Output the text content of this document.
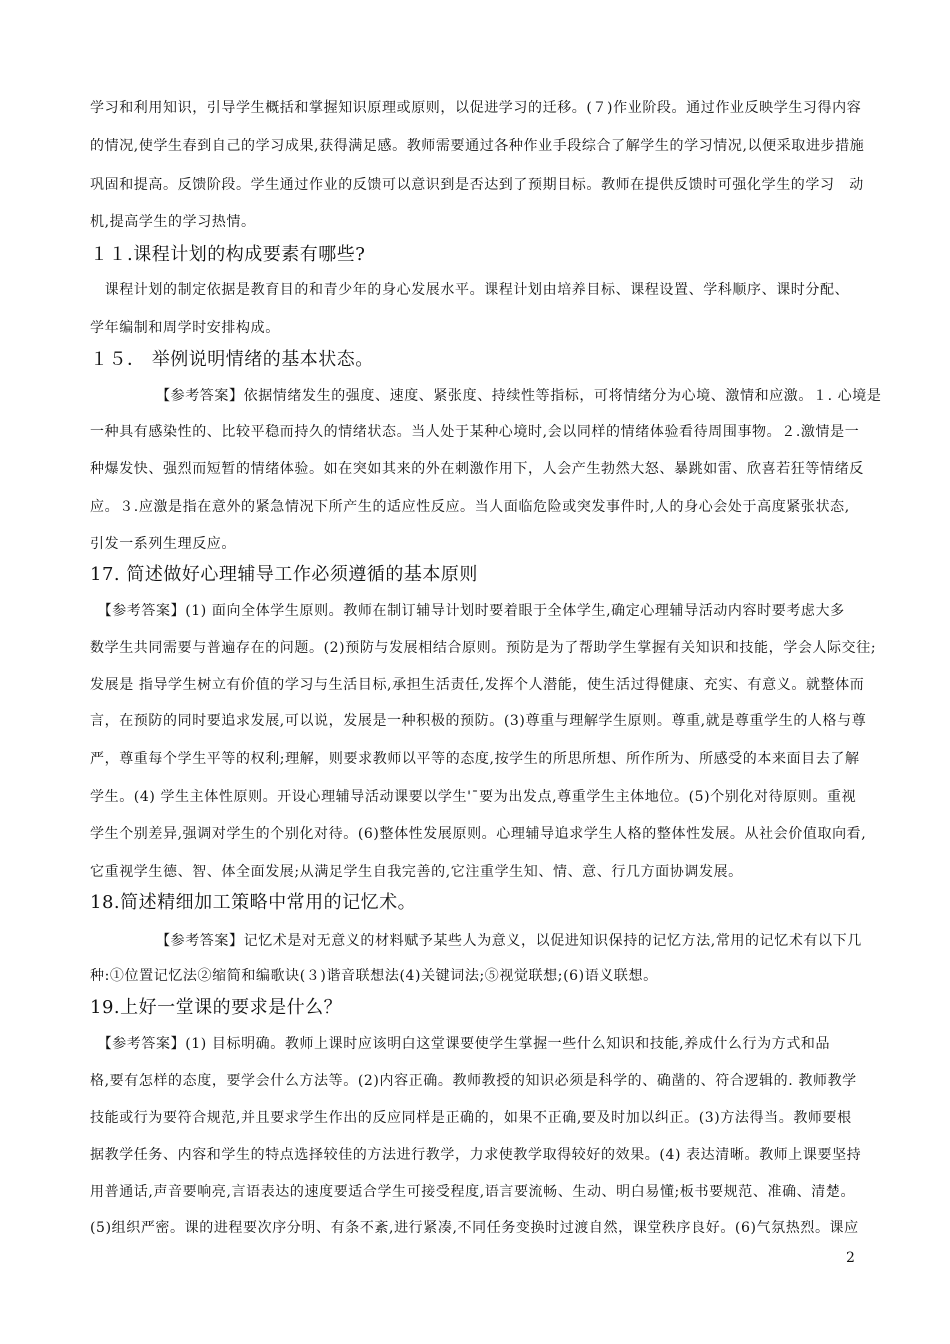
学习和利用知识，引导学生概括和掌握知识原理或原则，以促进学习的迁移。(７)作业阶段。通过作业反映学生习得内容
的情况,使学生春到自己的学习成果,获得满足感。教师需要通过各种作业手段综合了解学生的学习情况,以便采取进步措施
巩固和提高。反馈阶段。学生通过作业的反馈可以意识到是否达到了预期目标。教师在提供反馈时可强化学生的学习　动
机,提高学生的学习热情。
１１.课程计划的构成要素有哪些?
　课程计划的制定依据是教育目的和青少年的身心发展水平。课程计划由培养目标、课程设置、学科顺序、课时分配、
学年编制和周学时安排构成。
１５． 举例说明情绪的基本状态。
　　　　　【参考答案】依据情绪发生的强度、速度、紧张度、持续性等指标，可将情绪分为心境、激情和应激。１. 心境是
一种具有感染性的、比较平稳而持久的情绪状态。当人处于某种心境时,会以同样的情绪体验看待周围事物。２.激情是一
种爆发快、强烈而短暂的情绪体验。如在突如其来的外在刺激作用下，人会产生勃然大怒、暴跳如雷、欣喜若狂等情绪反
应。３.应激是指在意外的紧急情况下所产生的适应性反应。当人面临危险或突发事件时,人的身心会处于高度紧张状态,
引发一系列生理反应。
17. 简述做好心理辅导工作必须遵循的基本原则
　【参考答案】(1) 面向全体学生原则。教师在制订辅导计划时要着眼于全体学生,确定心理辅导活动内容时要考虑大多
数学生共同需要与普遍存在的问题。(2)预防与发展相结合原则。预防是为了帮助学生掌握有关知识和技能，学会人际交往;
发展是 指导学生树立有价值的学习与生活目标,承担生活责任,发挥个人潜能，使生活过得健康、充实、有意义。就整体而
言，在预防的同时要追求发展,可以说，发展是一种积极的预防。(3)尊重与理解学生原则。尊重,就是尊重学生的人格与尊
严，尊重每个学生平等的权利;理解，则要求教师以平等的态度,按学生的所思所想、所作所为、所感受的本来面目去了解
学生。(4) 学生主体性原则。开设心理辅导活动课要以学生'¯要为出发点,尊重学生主体地位。(5)个别化对待原则。重视
学生个别差异,强调对学生的个别化对待。(6)整体性发展原则。心理辅导追求学生人格的整体性发展。从社会价值取向看,
它重视学生德、智、体全面发展;从满足学生自我完善的,它注重学生知、情、意、行几方面协调发展。
18.简述精细加工策略中常用的记忆术。
　　　　　【参考答案】记忆术是对无意义的材料赋予某些人为意义，以促进知识保持的记忆方法,常用的记忆术有以下几
种:①位置记忆法②缩简和编歌诀(３)谐音联想法(4)关键词法;⑤视觉联想;(6)语义联想。
19.上好一堂课的要求是什么？
　【参考答案】(1) 目标明确。教师上课时应该明白这堂课要使学生掌握一些什么知识和技能,养成什么行为方式和品
格,要有怎样的态度，要学会什么方法等。(2)内容正确。教师教授的知识必须是科学的、确凿的、符合逻辑的. 教师教学
技能或行为要符合规范,并且要求学生作出的反应同样是正确的，如果不正确,要及时加以纠正。(3)方法得当。教师要根
据教学任务、内容和学生的特点选择较佳的方法进行教学，力求使教学取得较好的效果。(4) 表达清晰。教师上课要坚持
用普通话,声音要响亮,言语表达的速度要适合学生可接受程度,语言要流畅、生动、明白易懂;板书要规范、准确、清楚。
(5)组织严密。课的进程要次序分明、有条不紊,进行紧凑,不同任务变换时过渡自然，课堂秩序良好。(6)气氛热烈。课应
2
